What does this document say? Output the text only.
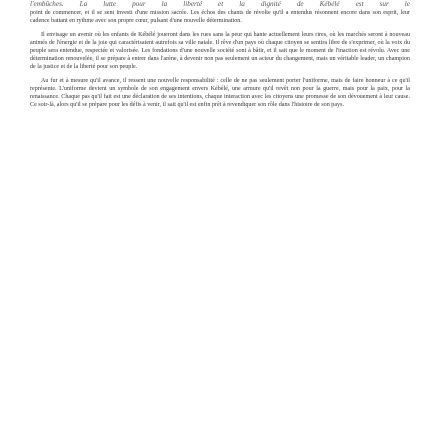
l'embûches. La lutte pour la liberté et la dignité de Kébélé est sur le

point de commencer, et il se sent investi d'une mission sacrée. Les échos des chants de révolte qu'il a entendus résonnent encore dans son esprit, leur cadence battant en rythme avec son propre cœur, pulsant d'une nouvelle détermination.

Il envisage un avenir où les enfants de Kébélé joueront dans les rues sans la peur qui hante actuellement leurs rires, où les marchés seront à nouveau animés de l'énergie et de la joie qui caractérisaient autrefois sa ville natale. Il rêve d'un pays où chaque citoyen se sentira libre de s'exprimer, où la voix du peuple sera entendue, respectée et valorisée. Les fondations d'une nouvelle société sont à bâtir, et il sait que le moment de l'inaction est révolu. Avec une détermination renouvelée, il se prépare à entrer dans l'arène, à devenir non pas seulement un acteur du changement, mais un véritable leader, un champion de la justice et de la liberté pour son peuple.

Au fur et à mesure qu'il avance, il ressent une nouvelle responsabilité : celle de ne pas seulement porter l'uniforme, mais de faire honneur à ce qu'il représente. L'uniforme devient un symbole de son engagement envers Kébélé, une armure qu'il revêt non pour la guerre, mais pour la paix, pour la renaissance. Chaque pas qu'il fait est une déclaration de ses intentions, chaque interaction avec les citoyens une promesse de son dévouement à leur cause. Ce soir-là, alors qu'il se prépare pour les défis à venir, il sait qu'il est enfin prêt à revendiquer son rôle dans l'histoire de son pays.
